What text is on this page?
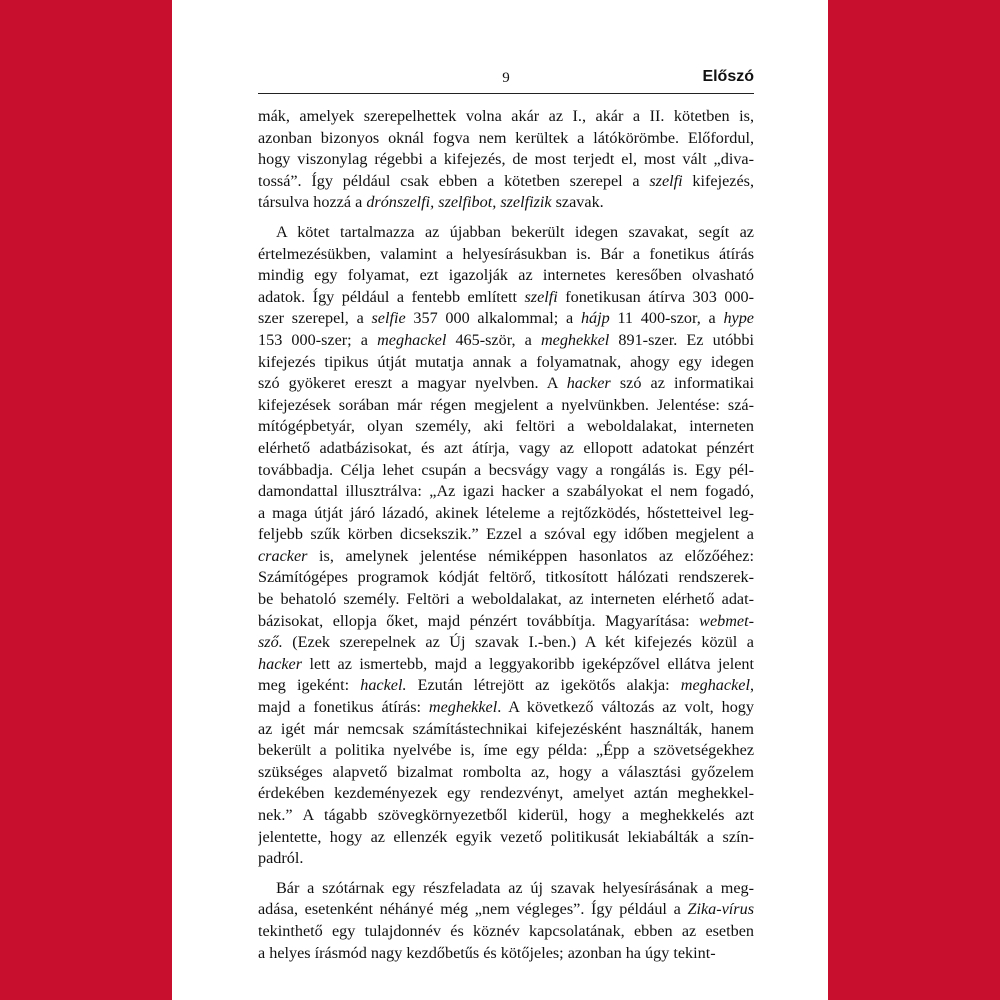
9	Előszó

mák, amelyek szerepelhettek volna akár az I., akár a II. kötetben is,
azonban bizonyos oknál fogva nem kerültek a látókörömbe. Előfordul,
hogy viszonylag régebbi a kifejezés, de most terjedt el, most vált „diva-
tossá”. Így például csak ebben a kötetben szerepel a szelfi kifejezés,
társulva hozzá a drónszelfi, szelfibot, szelfizik szavak.

A kötet tartalmazza az újabban bekerült idegen szavakat, segít az
értelmezésükben, valamint a helyesírásukban is. Bár a fonetikus átírás
mindig egy folyamat, ezt igazolják az internetes keresőben olvasható
adatok. Így például a fentebb említett szelfi fonetikusan átírva 303 000-
szer szerepel, a selfie 357 000 alkalommal; a hájp 11 400-szor, a hype
153 000-szer; a meghackel 465-ször, a meghekkel 891-szer. Ez utóbbi
kifejezés tipikus útját mutatja annak a folyamatnak, ahogy egy idegen
szó gyökeret ereszt a magyar nyelvben. A hacker szó az informatikai
kifejezések sorában már régen megjelent a nyelvünkben. Jelentése: szá-
mítógépbetyár, olyan személy, aki feltöri a weboldalakat, interneten
elérhető adatbázisokat, és azt átírja, vagy az ellopott adatokat pénzért
továbbadja. Célja lehet csupán a becsvágy vagy a rongálás is. Egy pél-
damondattal illusztrálva: „Az igazi hacker a szabályokat el nem fogadó,
a maga útját járó lázadó, akinek lételeme a rejtőzködés, hőstetteivel leg-
feljebb szűk körben dicsekszik.” Ezzel a szóval egy időben megjelent a
cracker is, amelynek jelentése némiképpen hasonlatos az előzőéhez:
Számítógépes programok kódját feltörő, titkosított hálózati rendszerek-
be behatoló személy. Feltöri a weboldalakat, az interneten elérhető adat-
bázisokat, ellopja őket, majd pénzért továbbítja. Magyarítása: webmet-
sző. (Ezek szerepelnek az Új szavak I.-ben.) A két kifejezés közül a
hacker lett az ismertebb, majd a leggyakoribb igeképzővel ellátva jelent
meg igeként: hackel. Ezután létrejött az igekötős alakja: meghackel,
majd a fonetikus átírás: meghekkel. A következő változás az volt, hogy
az igét már nemcsak számítástechnikai kifejezésként használták, hanem
bekerült a politika nyelvébe is, íme egy példa: „Épp a szövetségekhez
szükséges alapvető bizalmat rombolta az, hogy a választási győzelem
érdekében kezdeményezek egy rendezvényt, amelyet aztán meghekkel-
nek.” A tágabb szövegkörnyezetből kiderül, hogy a meghekkelés azt
jelentette, hogy az ellenzék egyik vezető politikusát lekiabálták a szín-
padról.

Bár a szótárnak egy részfeladata az új szavak helyesírásának a meg-
adása, esetenként néhányé még „nem végleges”. Így például a Zika-vírus
tekinthető egy tulajdonnév és köznév kapcsolatának, ebben az esetben
a helyes írásmód nagy kezdőbetűs és kötőjeles; azonban ha úgy tekint-
